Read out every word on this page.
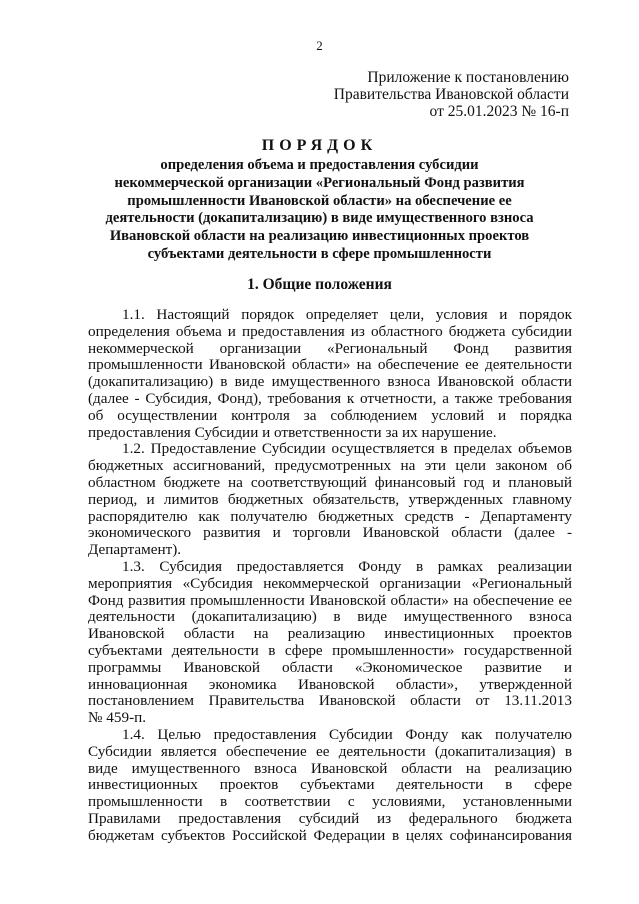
2
Приложение к постановлению
Правительства Ивановской области
от 25.01.2023 № 16-п
ПОРЯДОК
определения объема и предоставления субсидии
некоммерческой организации «Региональный Фонд развития
промышленности Ивановской области» на обеспечение ее
деятельности (докапитализацию) в виде имущественного взноса
Ивановской области на реализацию инвестиционных проектов
субъектами деятельности в сфере промышленности
1. Общие положения
1.1. Настоящий порядок определяет цели, условия и порядок
определения объема и предоставления из областного бюджета субсидии
некоммерческой организации «Региональный Фонд развития
промышленности Ивановской области» на обеспечение ее деятельности
(докапитализацию) в виде имущественного взноса Ивановской области
(далее - Субсидия, Фонд), требования к отчетности, а также требования
об осуществлении контроля за соблюдением условий и порядка
предоставления Субсидии и ответственности за их нарушение.
1.2. Предоставление Субсидии осуществляется в пределах объемов
бюджетных ассигнований, предусмотренных на эти цели законом об
областном бюджете на соответствующий финансовый год и плановый
период, и лимитов бюджетных обязательств, утвержденных главному
распорядителю как получателю бюджетных средств - Департаменту
экономического развития и торговли Ивановской области (далее -
Департамент).
1.3. Субсидия предоставляется Фонду в рамках реализации
мероприятия «Субсидия некоммерческой организации «Региональный
Фонд развития промышленности Ивановской области» на обеспечение ее
деятельности (докапитализацию) в виде имущественного взноса
Ивановской области на реализацию инвестиционных проектов
субъектами деятельности в сфере промышленности» государственной
программы Ивановской области «Экономическое развитие и
инновационная экономика Ивановской области», утвержденной
постановлением Правительства Ивановской области от 13.11.2013
№ 459-п.
1.4. Целью предоставления Субсидии Фонду как получателю
Субсидии является обеспечение ее деятельности (докапитализация) в
виде имущественного взноса Ивановской области на реализацию
инвестиционных проектов субъектами деятельности в сфере
промышленности в соответствии с условиями, установленными
Правилами предоставления субсидий из федерального бюджета
бюджетам субъектов Российской Федерации в целях софинансирования
